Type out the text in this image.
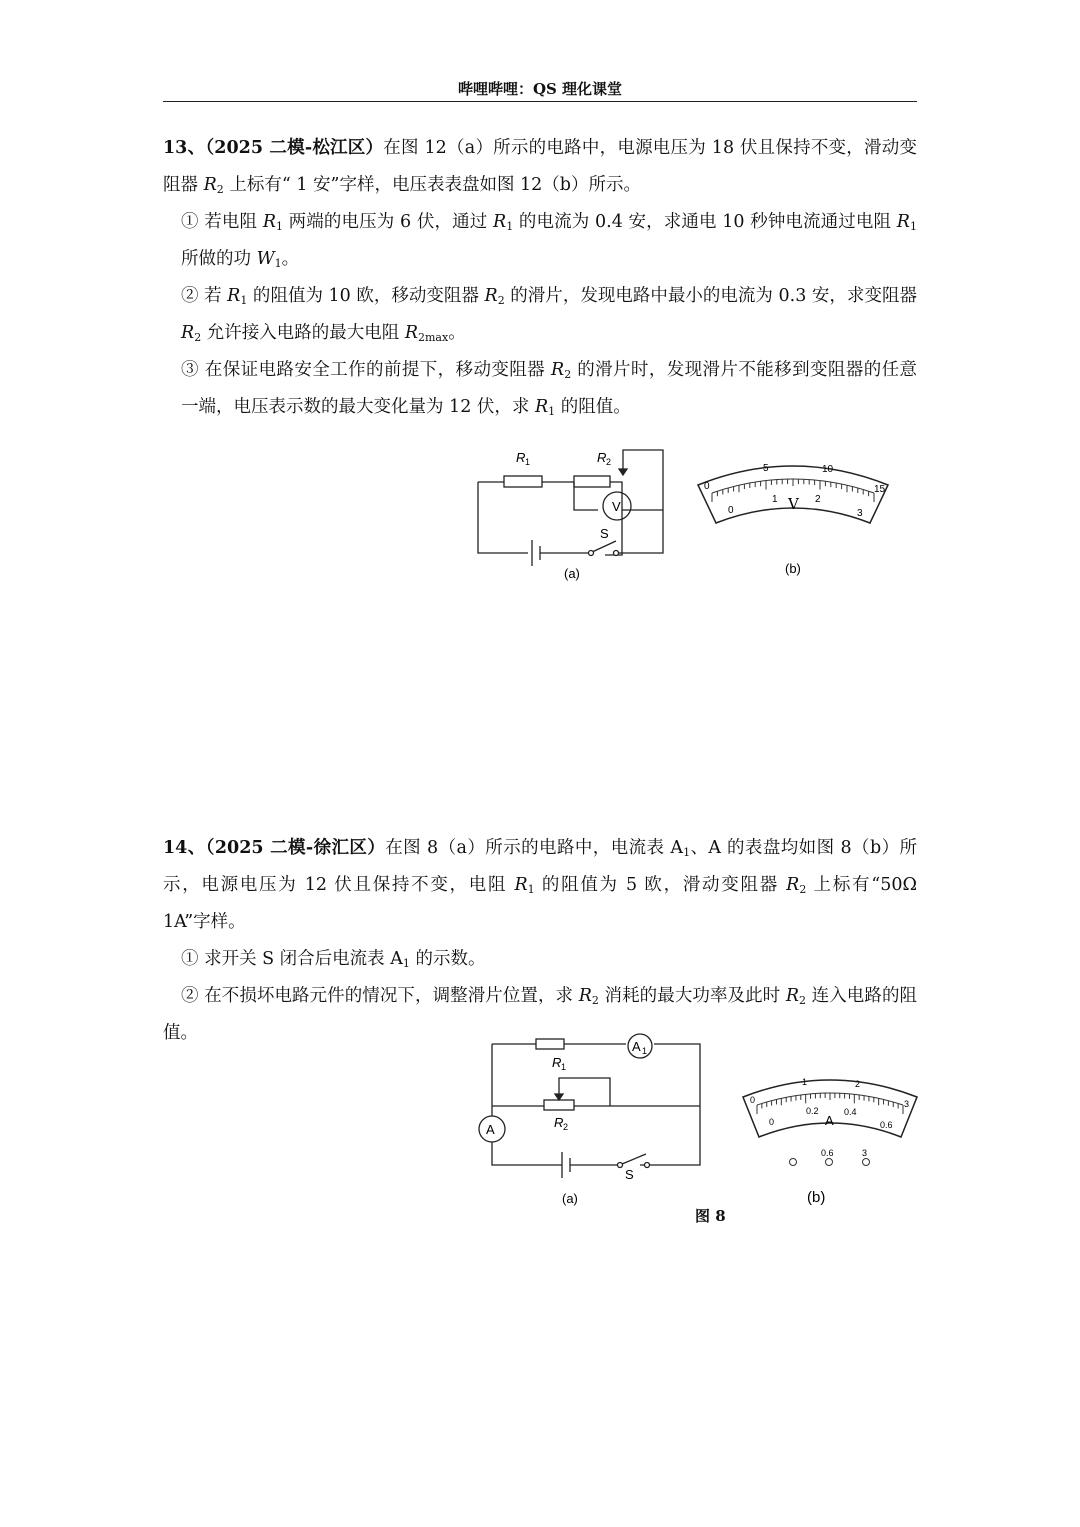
哔哩哔哩：QS 理化课堂

13、（2025 二模-松江区）在图 12（a）所示的电路中，电源电压为 18 伏且保持不变，滑动变阻器 $R_2$ 上标有“ 1 安”字样，电压表表盘如图 12（b）所示。

① 若电阻 $R_1$ 两端的电压为 6 伏，通过 $R_1$ 的电流为 0.4 安，求通电 10 秒钟电流通过电阻 $R_1$ 所做的功 $W_1$。

② 若 $R_1$ 的阻值为 10 欧，移动变阻器 $R_2$ 的滑片，发现电路中最小的电流为 0.3 安，求变阻器 $R_2$ 允许接入电路的最大电阻 $R_{2max}$。

③ 在保证电路安全工作的前提下，移动变阻器 $R_2$ 的滑片时，发现滑片不能移到变阻器的任意一端，电压表示数的最大变化量为 12 伏，求 $R_1$ 的阻值。

R 1	R 2
V
S
(a)
0
5	10
15
0
1	2
3
V
(b)

14、（2025 二模-徐汇区）在图 8（a）所示的电路中，电流表 $A_1$、A 的表盘均如图 8（b）所示，电源电压为 12 伏且保持不变，电阻 $R_1$ 的阻值为 5 欧，滑动变阻器 $R_2$ 上标有“50Ω　1A”字样。

① 求开关 S 闭合后电流表 $A_1$ 的示数。

② 在不损坏电路元件的情况下，调整滑片位置，求 $R_2$ 消耗的最大功率及此时 $R_2$ 连入电路的阻值。

R 1
R 2
A 1
A
S
(a)
0
1	2
3
0
0.2	0.4
0.6
A
0.6	3
(b)
图 8
